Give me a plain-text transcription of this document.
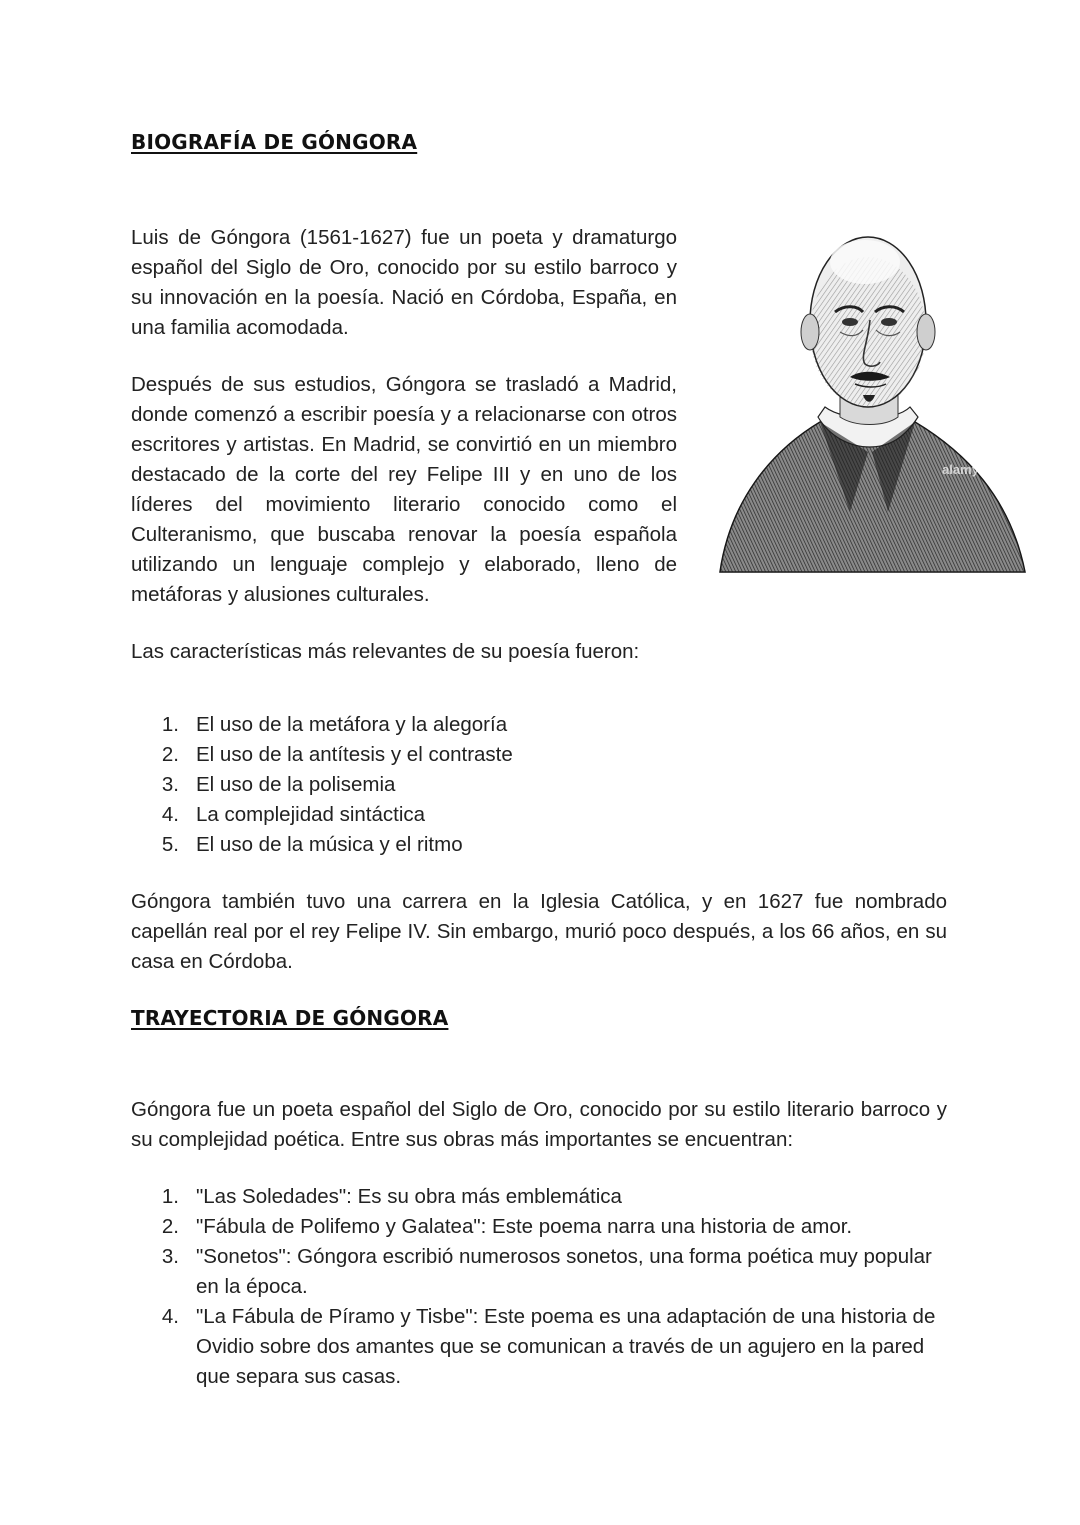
BIOGRAFÍA DE GÓNGORA

Luis de Góngora (1561-1627) fue un poeta y dramaturgo español del Siglo de Oro, conocido por su estilo barroco y su innovación en la poesía. Nació en Córdoba, España, en una familia acomodada.

Después de sus estudios, Góngora se trasladó a Madrid, donde comenzó a escribir poesía y a relacionarse con otros escritores y artistas. En Madrid, se convirtió en un miembro destacado de la corte del rey Felipe III y en uno de los líderes del movimiento literario conocido como el Culteranismo, que buscaba renovar la poesía española utilizando un lenguaje complejo y elaborado, lleno de metáforas y alusiones culturales.

Las características más relevantes de su poesía fueron:

1. El uso de la metáfora y la alegoría
2. El uso de la antítesis y el contraste
3. El uso de la polisemia
4. La complejidad sintáctica
5. El uso de la música y el ritmo

Góngora también tuvo una carrera en la Iglesia Católica, y en 1627 fue nombrado capellán real por el rey Felipe IV. Sin embargo, murió poco después, a los 66 años, en su casa en Córdoba.

TRAYECTORIA DE GÓNGORA

Góngora fue un poeta español del Siglo de Oro, conocido por su estilo literario barroco y su complejidad poética. Entre sus obras más importantes se encuentran:

1. "Las Soledades": Es su obra más emblemática
2. "Fábula de Polifemo y Galatea": Este poema narra una historia de amor.
3. "Sonetos": Góngora escribió numerosos sonetos, una forma poética muy popular en la época.
4. "La Fábula de Píramo y Tisbe": Este poema es una adaptación de una historia de Ovidio sobre dos amantes que se comunican a través de un agujero en la pared que separa sus casas.
alamy
